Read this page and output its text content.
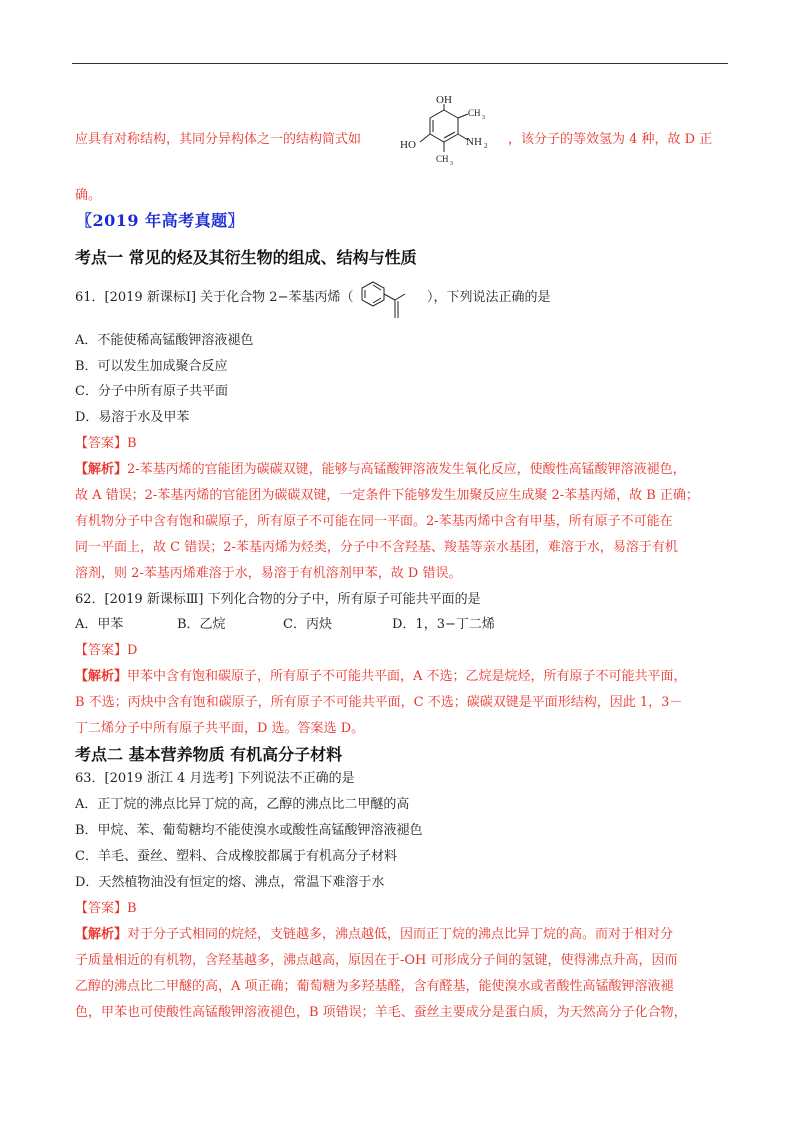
应具有对称结构，其同分异构体之一的结构简式如
OH
CH 3
HO	NH 2
CH 3
，该分子的等效氢为 4 种，故 D 正
确。
〖2019 年高考真题〗
考点一 常见的烃及其衍生物的组成、结构与性质
61．[2019 新课标Ⅰ] 关于化合物 2−苯基丙烯（	），下列说法正确的是
A．不能使稀高锰酸钾溶液褪色
B．可以发生加成聚合反应
C．分子中所有原子共平面
D．易溶于水及甲苯
【答案】B
【解析】2-苯基丙烯的官能团为碳碳双键，能够与高锰酸钾溶液发生氧化反应，使酸性高锰酸钾溶液褪色，
故 A 错误；2-苯基丙烯的官能团为碳碳双键，一定条件下能够发生加聚反应生成聚 2-苯基丙烯，故 B 正确；
有机物分子中含有饱和碳原子，所有原子不可能在同一平面。2-苯基丙烯中含有甲基，所有原子不可能在
同一平面上，故 C 错误；2-苯基丙烯为烃类，分子中不含羟基、羧基等亲水基团，难溶于水，易溶于有机
溶剂，则 2-苯基丙烯难溶于水，易溶于有机溶剂甲苯，故 D 错误。
62．[2019 新课标Ⅲ] 下列化合物的分子中，所有原子可能共平面的是
A．甲苯	B．乙烷	C．丙炔	D．1，3−丁二烯
【答案】D
【解析】甲苯中含有饱和碳原子，所有原子不可能共平面，A 不选；乙烷是烷烃，所有原子不可能共平面，
B 不选；丙炔中含有饱和碳原子，所有原子不可能共平面，C 不选；碳碳双键是平面形结构，因此 1，3－
丁二烯分子中所有原子共平面，D 选。答案选 D。
考点二 基本营养物质 有机高分子材料
63．[2019 浙江 4 月选考] 下列说法不正确的是
A．正丁烷的沸点比异丁烷的高，乙醇的沸点比二甲醚的高
B．甲烷、苯、葡萄糖均不能使溴水或酸性高锰酸钾溶液褪色
C．羊毛、蚕丝、塑料、合成橡胶都属于有机高分子材料
D．天然植物油没有恒定的熔、沸点，常温下难溶于水
【答案】B
【解析】对于分子式相同的烷烃，支链越多，沸点越低，因而正丁烷的沸点比异丁烷的高。而对于相对分
子质量相近的有机物，含羟基越多，沸点越高，原因在于-OH 可形成分子间的氢键，使得沸点升高，因而
乙醇的沸点比二甲醚的高，A 项正确；葡萄糖为多羟基醛，含有醛基，能使溴水或者酸性高锰酸钾溶液褪
色，甲苯也可使酸性高锰酸钾溶液褪色，B 项错误；羊毛、蚕丝主要成分是蛋白质，为天然高分子化合物，
